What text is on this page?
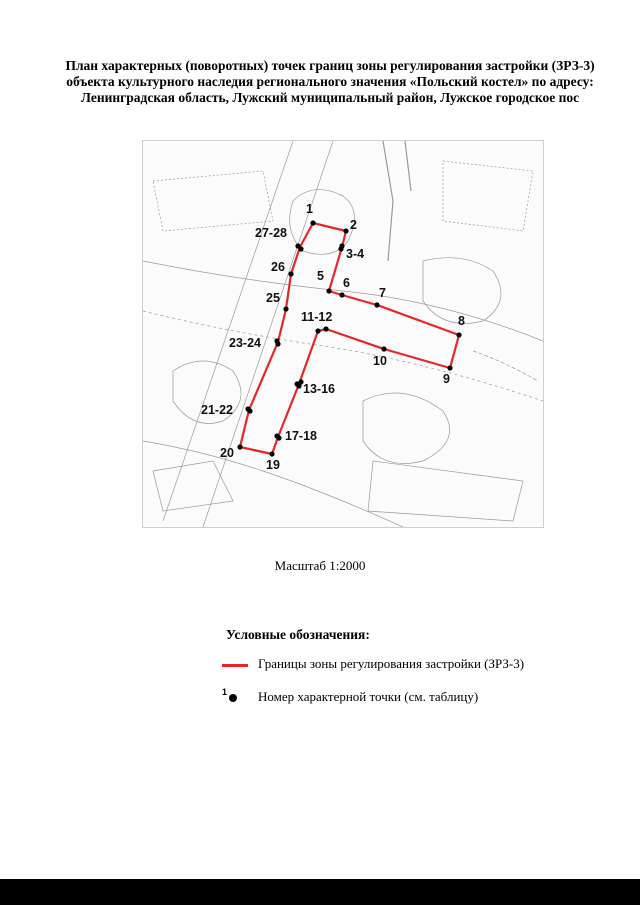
План характерных (поворотных) точек границ зоны регулирования застройки (ЗРЗ-3)
объекта культурного наследия регионального значения «Польский костел» по адресу:
Ленинградская область, Лужский муниципальный район, Лужское городское пос
1
2
3-4
5 6
7
8
9
10
11-12
13-16
17-18
19
20
21-22
23-24
25
26
27-28
Масштаб 1:2000
Условные обозначения:
Границы зоны регулирования застройки (ЗРЗ-3)
1 Номер характерной точки (см. таблицу)
